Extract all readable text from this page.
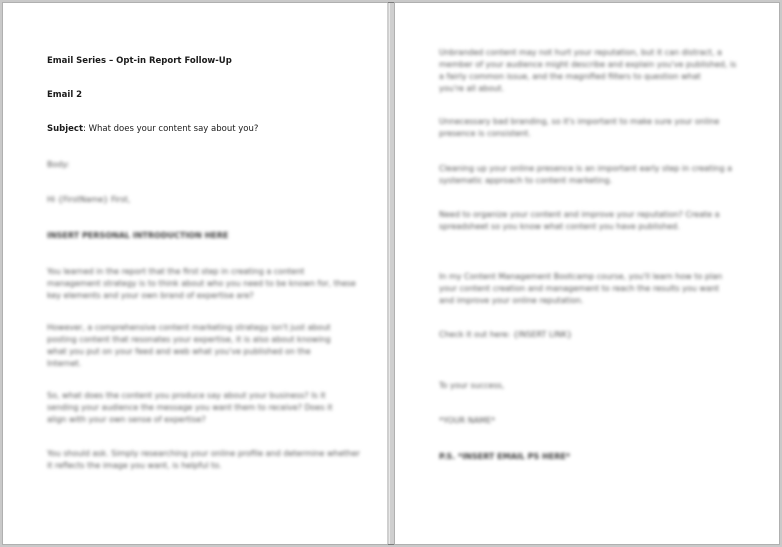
Email Series – Opt-in Report Follow-Up
Email 2
Subject: What does your content say about you?
Body:
Hi {FirstName} First,
INSERT PERSONAL INTRODUCTION HERE

You learned in the report that the first step in creating a content

management strategy is to think about who you need to be known for, these

key elements and your own brand of expertise are?

However, a comprehensive content marketing strategy isn't just about

posting content that resonates your expertise, it is also about knowing

what you put on your feed and web what you've published on the

Internet.

So, what does the content you produce say about your business? Is it

sending your audience the message you want them to receive? Does it

align with your own sense of expertise?

You should ask. Simply researching your online profile and determine whether

it reflects the image you want, is helpful to.

Unbranded content may not hurt your reputation, but it can distract, a

member of your audience might describe and explain you've published, is

a fairly common issue, and the magnified filters to question what

you're all about.

Unnecessary bad branding, so it's important to make sure your online

presence is consistent.

Cleaning up your online presence is an important early step in creating a

systematic approach to content marketing.

Need to organize your content and improve your reputation? Create a

spreadsheet so you know what content you have published.

In my Content Management Bootcamp course, you'll learn how to plan

your content creation and management to reach the results you want

and improve your online reputation.

Check it out here: {INSERT LINK}
To your success,
*YOUR NAME*
P.S. *INSERT EMAIL PS HERE*
